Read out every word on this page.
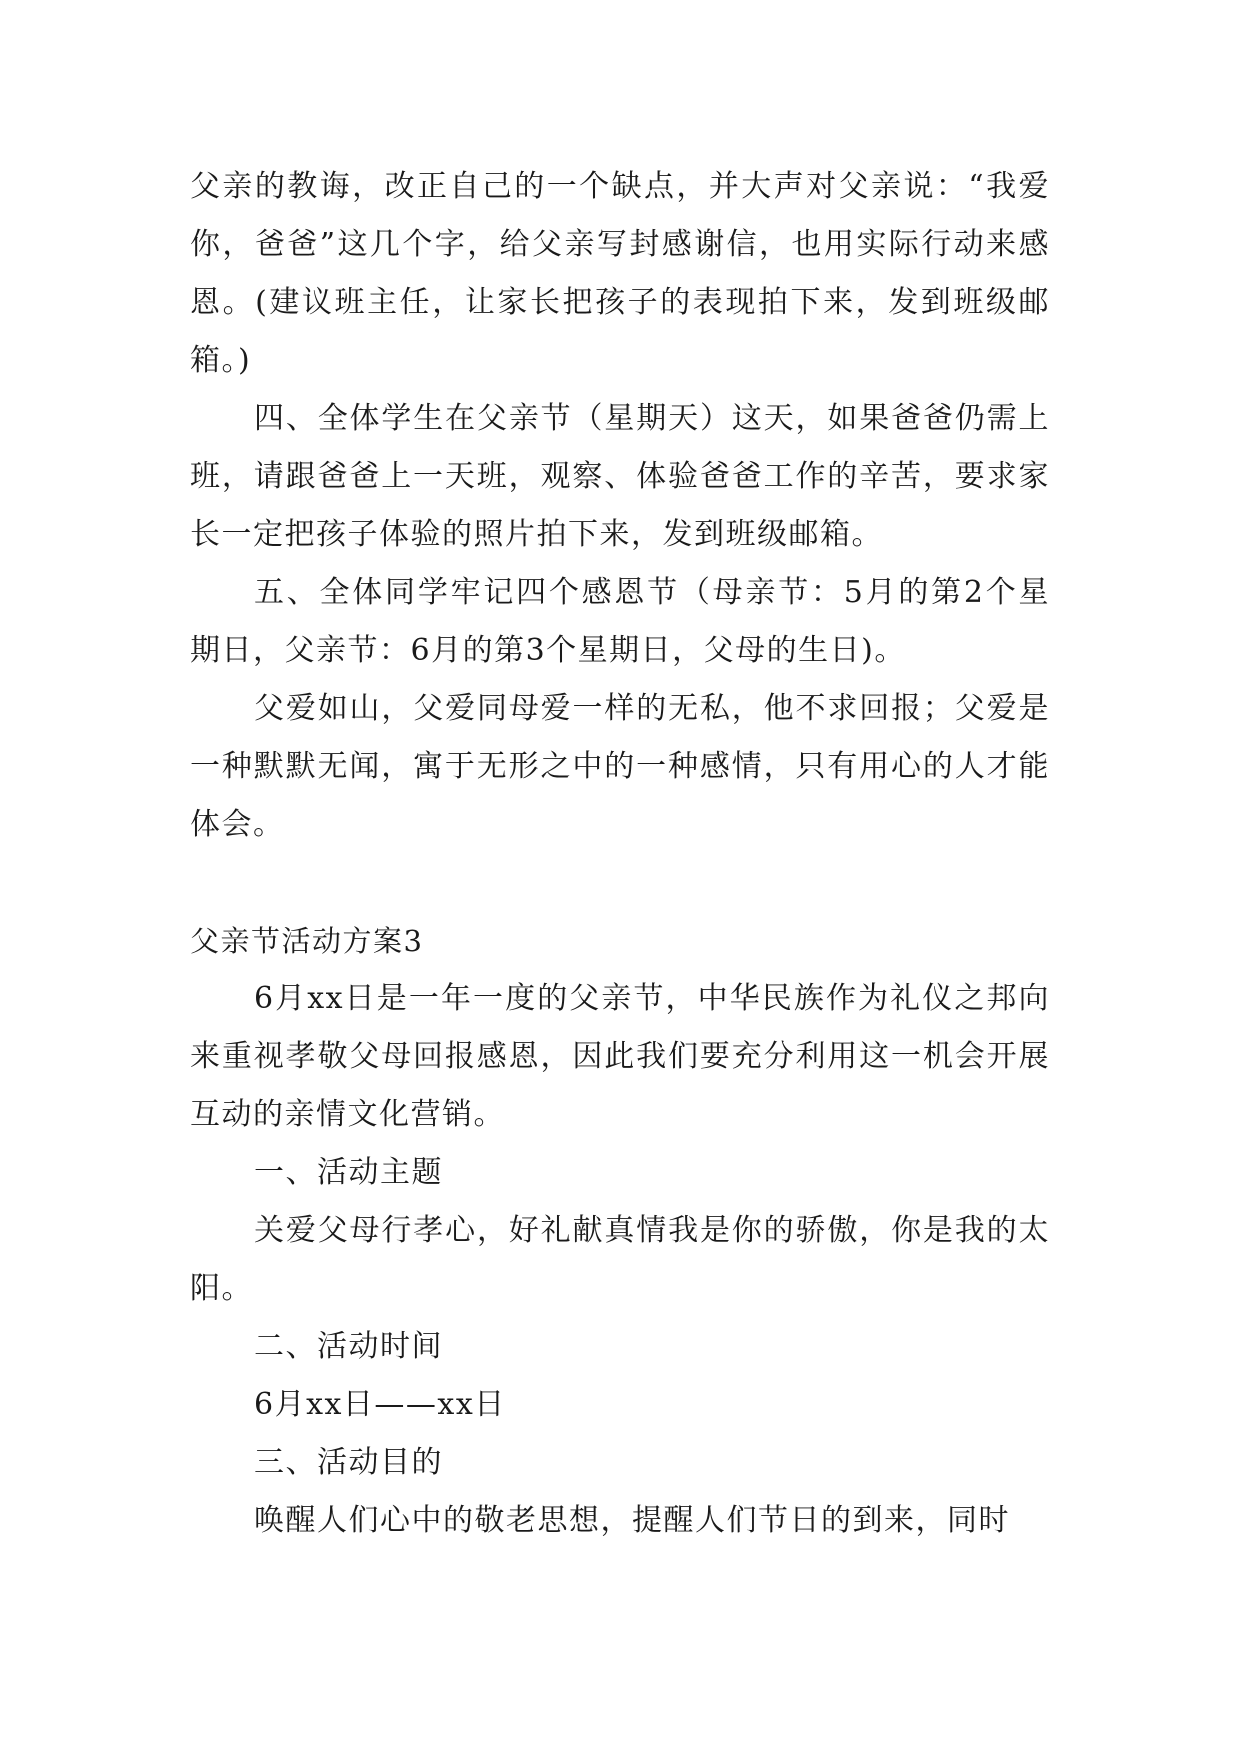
父亲的教诲，改正自己的一个缺点，并大声对父亲说：“我爱你，爸爸”这几个字，给父亲写封感谢信，也用实际行动来感恩。(建议班主任，让家长把孩子的表现拍下来，发到班级邮箱。)

四、全体学生在父亲节（星期天）这天，如果爸爸仍需上班，请跟爸爸上一天班，观察、体验爸爸工作的辛苦，要求家长一定把孩子体验的照片拍下来，发到班级邮箱。

五、全体同学牢记四个感恩节（母亲节：5月的第2个星期日，父亲节：6月的第3个星期日，父母的生日)。

父爱如山，父爱同母爱一样的无私，他不求回报；父爱是一种默默无闻，寓于无形之中的一种感情，只有用心的人才能体会。

父亲节活动方案3

6月xx日是一年一度的父亲节，中华民族作为礼仪之邦向来重视孝敬父母回报感恩，因此我们要充分利用这一机会开展互动的亲情文化营销。

一、活动主题

关爱父母行孝心，好礼献真情我是你的骄傲，你是我的太阳。

二、活动时间

6月xx日——xx日

三、活动目的

唤醒人们心中的敬老思想，提醒人们节日的到来，同时
